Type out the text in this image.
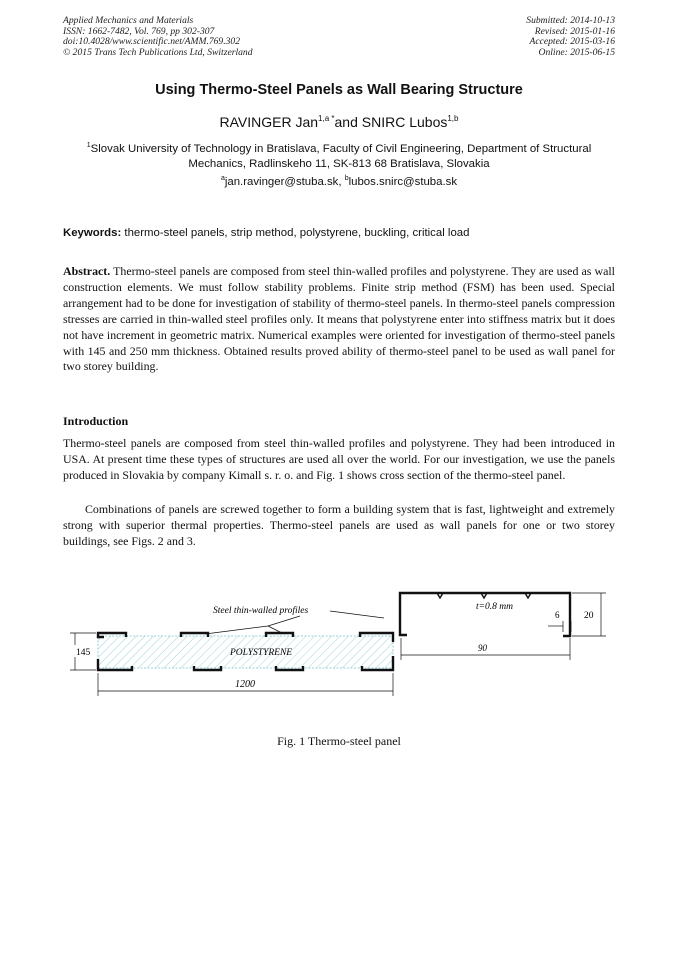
Applied Mechanics and Materials
ISSN: 1662-7482, Vol. 769, pp 302-307
doi:10.4028/www.scientific.net/AMM.769.302
© 2015 Trans Tech Publications Ltd, Switzerland
Submitted: 2014-10-13
Revised: 2015-01-16
Accepted: 2015-03-16
Online: 2015-06-15
Using Thermo-Steel Panels as Wall Bearing Structure
RAVINGER Jan$^{1,a *}$and SNIRC Lubos$^{1,b}$
$^1$Slovak University of Technology in Bratislava, Faculty of Civil Engineering, Department of Structural Mechanics, Radlinskeho 11, SK-813 68 Bratislava, Slovakia
$^a$jan.ravinger@stuba.sk, $^b$lubos.snirc@stuba.sk
Keywords: thermo-steel panels, strip method, polystyrene, buckling, critical load
Abstract. Thermo-steel panels are composed from steel thin-walled profiles and polystyrene. They are used as wall construction elements. We must follow stability problems. Finite strip method (FSM) has been used. Special arrangement had to be done for investigation of stability of thermo-steel panels. In thermo-steel panels compression stresses are carried in thin-walled steel profiles only. It means that polystyrene enter into stiffness matrix but it does not have increment in geometric matrix. Numerical examples were oriented for investigation of thermo-steel panels with 145 and 250 mm thickness. Obtained results proved ability of thermo-steel panel to be used as wall panel for two storey building.
Introduction
Thermo-steel panels are composed from steel thin-walled profiles and polystyrene. They had been introduced in USA. At present time these types of structures are used all over the world. For our investigation, we use the panels produced in Slovakia by company Kimall s. r. o. and Fig. 1 shows cross section of the thermo-steel panel.
Combinations of panels are screwed together to form a building system that is fast, lightweight and extremely strong with superior thermal properties. Thermo-steel panels are used as wall panels for one or two storey buildings, see Figs. 2 and 3.
Steel thin-walled profiles
POLYSTYRENE
145
1200
t=0.8 mm
6	20
90
Fig. 1 Thermo-steel panel
